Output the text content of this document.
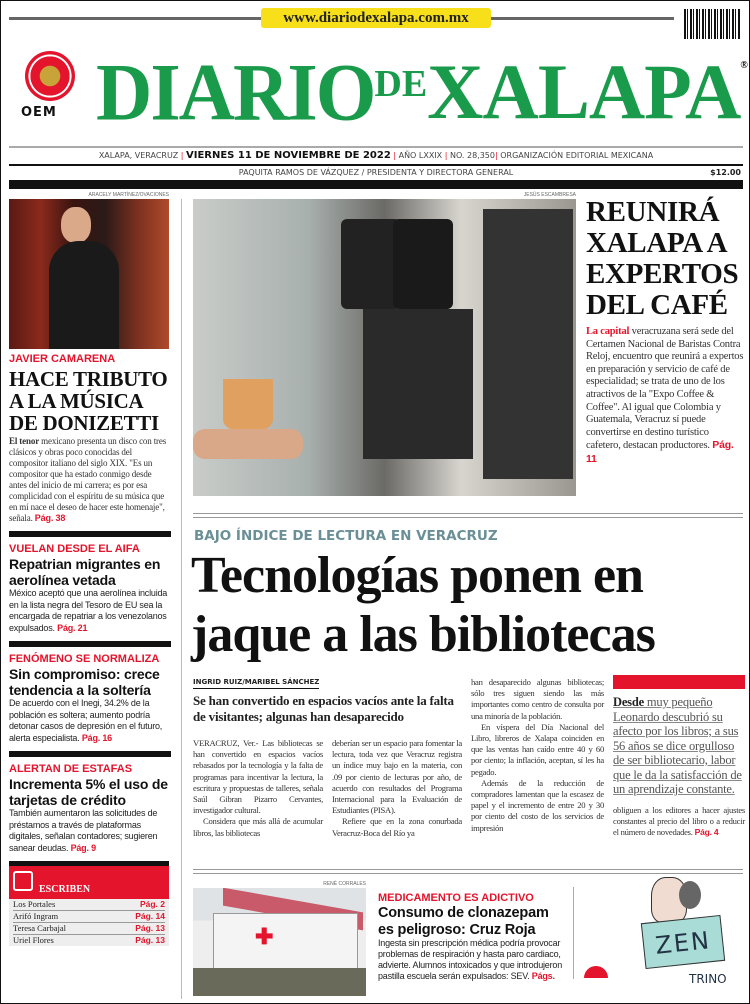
www.diariodexalapa.com.mx
OEM DIARIODEXALAPA®
XALAPA, VERACRUZ | VIERNES 11 DE NOVIEMBRE DE 2022 | AÑO LXXIX | NO. 28,350| ORGANIZACIÓN EDITORIAL MEXICANA
PAQUITA RAMOS DE VÁZQUEZ / PRESIDENTA Y DIRECTORA GENERAL	$12.00
ARACELY MARTÍNEZ/OVACIONES
JAVIER CAMARENA
HACE TRIBUTO A LA MÚSICA DE DONIZETTI
El tenor mexicano presenta un disco con tres clásicos y obras poco conocidas del compositor italiano del siglo XIX. "Es un compositor que ha estado conmigo desde antes del inicio de mi carrera; es por esa complicidad con el espíritu de su música que en mí nace el deseo de hacer este homenaje", señala. Pág. 38
VUELAN DESDE EL AIFA
Repatrian migrantes en aerolínea vetada
México aceptó que una aerolínea incluida en la lista negra del Tesoro de EU sea la encargada de repatriar a los venezolanos expulsados. Pág. 21
FENÓMENO SE NORMALIZA
Sin compromiso: crece tendencia a la soltería
De acuerdo con el Inegi, 34.2% de la población es soltera; aumento podría detonar casos de depresión en el futuro, alerta especialista. Pág. 16
ALERTAN DE ESTAFAS
Incrementa 5% el uso de tarjetas de crédito
También aumentaron las solicitudes de préstamos a través de plataformas digitales, señalan contadores; sugieren sanear deudas. Pág. 9
ESCRIBEN
Los Portales	Pág. 2
Arifó Ingram	Pág. 14
Teresa Carbajal	Pág. 13
Uriel Flores	Pág. 13
JESÚS ESCAMBRESA
REUNIRÁ XALAPA A EXPERTOS DEL CAFÉ
La capital veracruzana será sede del Certamen Nacional de Baristas Contra Reloj, encuentro que reunirá a expertos en preparación y servicio de café de especialidad; se trata de uno de los atractivos de la "Expo Coffee & Coffee". Al igual que Colombia y Guatemala, Veracruz sí puede convertirse en destino turístico cafetero, destacan productores. Pág. 11
BAJO ÍNDICE DE LECTURA EN VERACRUZ
Tecnologías ponen en jaque a las bibliotecas
INGRID RUIZ/MARIBEL SÁNCHEZ
Se han convertido en espacios vacíos ante la falta de visitantes; algunas han desaparecido
VERACRUZ, Ver.- Las bibliotecas se han convertido en espacios vacíos rebasados por la tecnología y la falta de programas para incentivar la lectura, la escritura y propuestas de talleres, señala Saúl Gibran Pizarro Cervantes, investigador cultural.
Considera que más allá de acumular libros, las bibliotecas
deberían ser un espacio para fomentar la lectura, toda vez que Veracruz registra un índice muy bajo en la materia, con .09 por ciento de lecturas por año, de acuerdo con resultados del Programa Internacional para la Evaluación de Estudiantes (PISA).
Refiere que en la zona conurbada Veracruz-Boca del Río ya
han desaparecido algunas bibliotecas; sólo tres siguen siendo las más importantes como centro de consulta por una minoría de la población.
En víspera del Día Nacional del Libro, libreros de Xalapa coinciden en que las ventas han caído entre 40 y 60 por ciento; la inflación, aceptan, sí les ha pegado.
Además de la reducción de compradores lamentan que la escasez de papel y el incremento de entre 20 y 30 por ciento del costo de los servicios de impresión
Desde muy pequeño Leonardo descubrió su afecto por los libros; a sus 56 años se dice orgulloso de ser bibliotecario, labor que le da la satisfacción de un aprendizaje constante.
obliguen a los editores a hacer ajustes constantes al precio del libro o a reducir el número de novedades. Pág. 4
RENÉ CORRALES
✚
MEDICAMENTO ES ADICTIVO
Consumo de clonazepam es peligroso: Cruz Roja
Ingesta sin prescripción médica podría provocar problemas de respiración y hasta paro cardiaco, advierte. Alumnos intoxicados y que introdujeron pastilla escuela serán expulsados: SEV. Págs.
ZEN
TRINO
